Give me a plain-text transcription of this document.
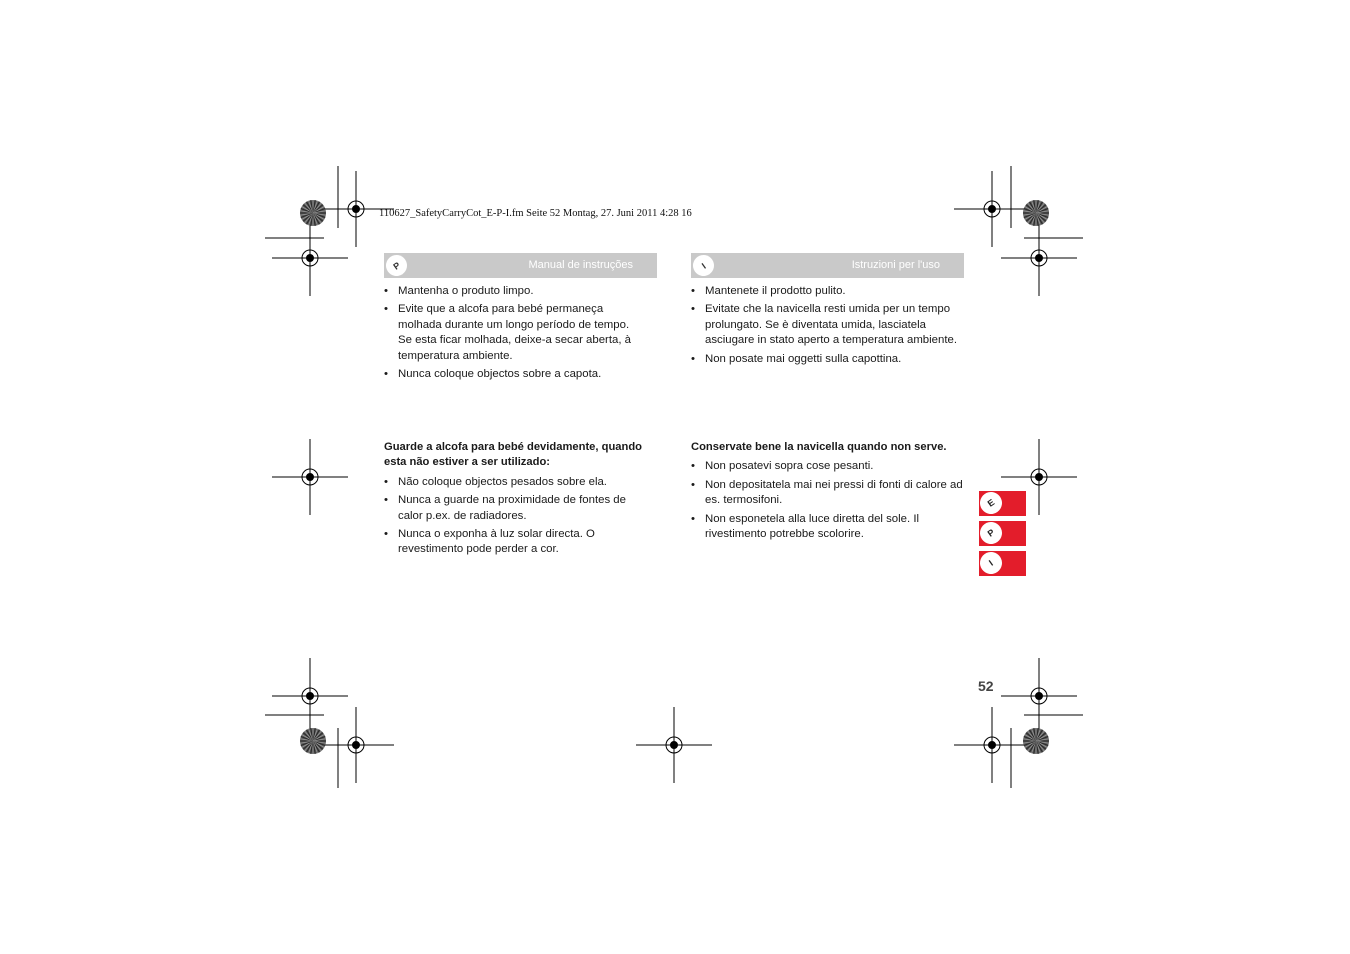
110627_SafetyCarryCot_E-P-I.fm Seite 52 Montag, 27. Juni 2011 4:28 16
P	Manual de instruções
• Mantenha o produto limpo.
• Evite que a alcofa para bebé permaneça molhada durante um longo período de tempo. Se esta ficar molhada, deixe-a secar aberta, à temperatura ambiente.
• Nunca coloque objectos sobre a capota.
Guarde a alcofa para bebé devidamente, quando esta não estiver a ser utilizado:
• Não coloque objectos pesados sobre ela.
• Nunca a guarde na proximidade de fontes de calor p.ex. de radiadores.
• Nunca o exponha à luz solar directa. O revestimento pode perder a cor.
I	Istruzioni per l'uso
• Mantenete il prodotto pulito.
• Evitate che la navicella resti umida per un tempo prolungato. Se è diventata umida, lasciatela asciugare in stato aperto a temperatura ambiente.
• Non posate mai oggetti sulla capottina.
Conservate bene la navicella quando non serve.
• Non posatevi sopra cose pesanti.
• Non depositatela mai nei pressi di fonti di calore ad es. termosifoni.
• Non esponetela alla luce diretta del sole. Il rivestimento potrebbe scolorire.
E
P
I
52
